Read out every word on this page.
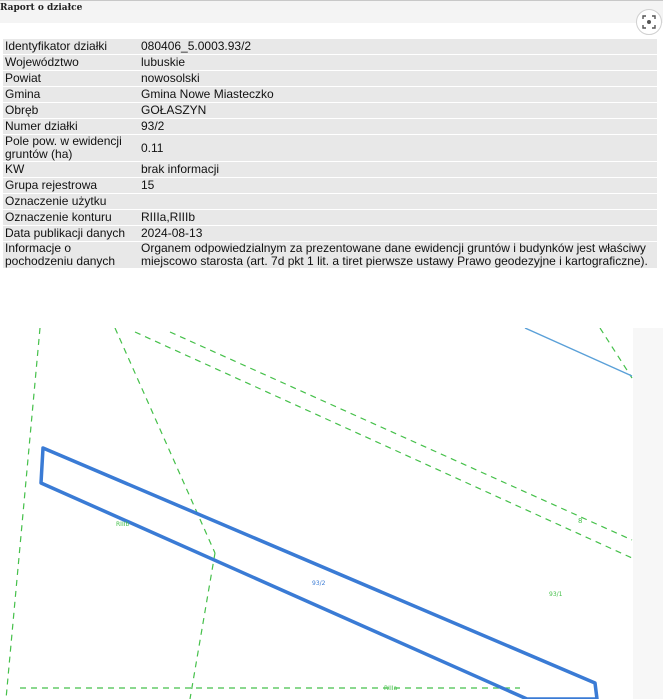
Raport o działce
Identyfikator działki	080406_5.0003.93/2
Województwo	lubuskie
Powiat	nowosolski
Gmina	Gmina Nowe Miasteczko
Obręb	GOŁASZYN
Numer działki	93/2
Pole pow. w ewidencji gruntów (ha)	0.11
KW	brak informacji
Grupa rejestrowa	15
Oznaczenie użytku	
Oznaczenie konturu	RIIIa,RIIIb
Data publikacji danych	2024-08-13
Informacje o pochodzeniu danych	Organem odpowiedzialnym za prezentowane dane ewidencji gruntów i budynków jest właściwy miejscowo starosta (art. 7d pkt 1 lit. a tiret pierwsze ustawy Prawo geodezyjne i kartograficzne).
RIIIb
93/2
RIIIa
93/1
8
